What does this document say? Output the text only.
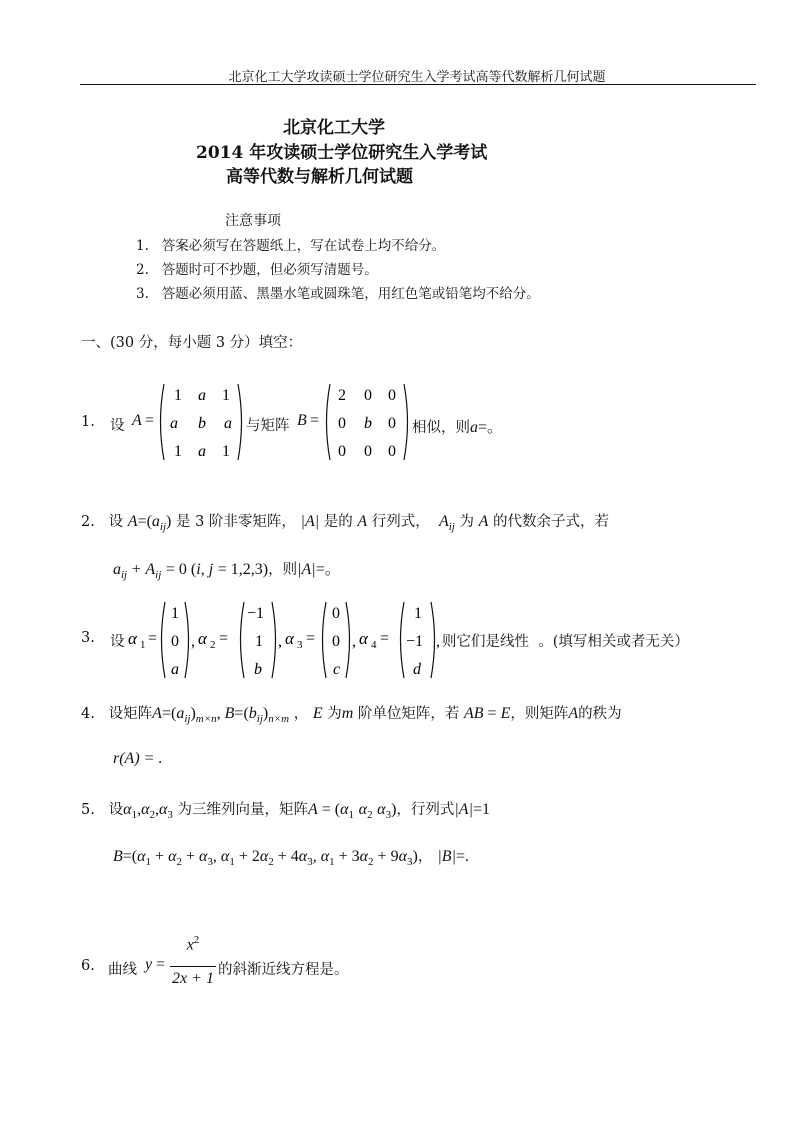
北京化工大学攻读硕士学位研究生入学考试高等代数解析几何试题
北京化工大学
2014 年攻读硕士学位研究生入学考试
高等代数与解析几何试题
注意事项
1. 答案必须写在答题纸上，写在试卷上均不给分。
2. 答题时可不抄题，但必须写清题号。
3. 答题必须用蓝、黑墨水笔或圆珠笔，用红色笔或铅笔均不给分。
一、(30 分，每小题 3 分）填空：
1. 设 A =
1 a 1
a b a
1 a 1
与矩阵 B =
2 0 0
0 b 0
0 0 0
相似，则a=。
2. 设 $A=(a_{ij})$ 是 3 阶非零矩阵， |A| 是的 A 行列式， $A_{ij}$ 为 A 的代数余子式，若
$a_{ij} + A_{ij} = 0$ (i, j = 1,2,3)，则|A|=。
3. 设 α 1 =
1
0
a
, α 2 =
−1
1
b
, α 3 =
0
0
c
, α 4 =
1
−1
d
, 则它们是线性 。(填写相关或者无关）
4. 设矩阵$A=(a_{ij})_{m\times n}$, $B=(b_{ij})_{n\times m}$ ， E 为m 阶单位矩阵，若 AB = E，则矩阵A的秩为
r(A) = .
5. 设$\alpha_1,\alpha_2,\alpha_3$ 为三维列向量，矩阵$A = (\alpha_1$ $\alpha_2$ $\alpha_3$)，行列式|A|=1
$B=(\alpha_1 + \alpha_2 + \alpha_3$, $\alpha_1 + 2\alpha_2 + 4\alpha_3$, $\alpha_1 + 3\alpha_2 + 9\alpha_3$)， |B|=.
6. 曲线 y =
$x^2$
2x + 1 的斜渐近线方程是。
